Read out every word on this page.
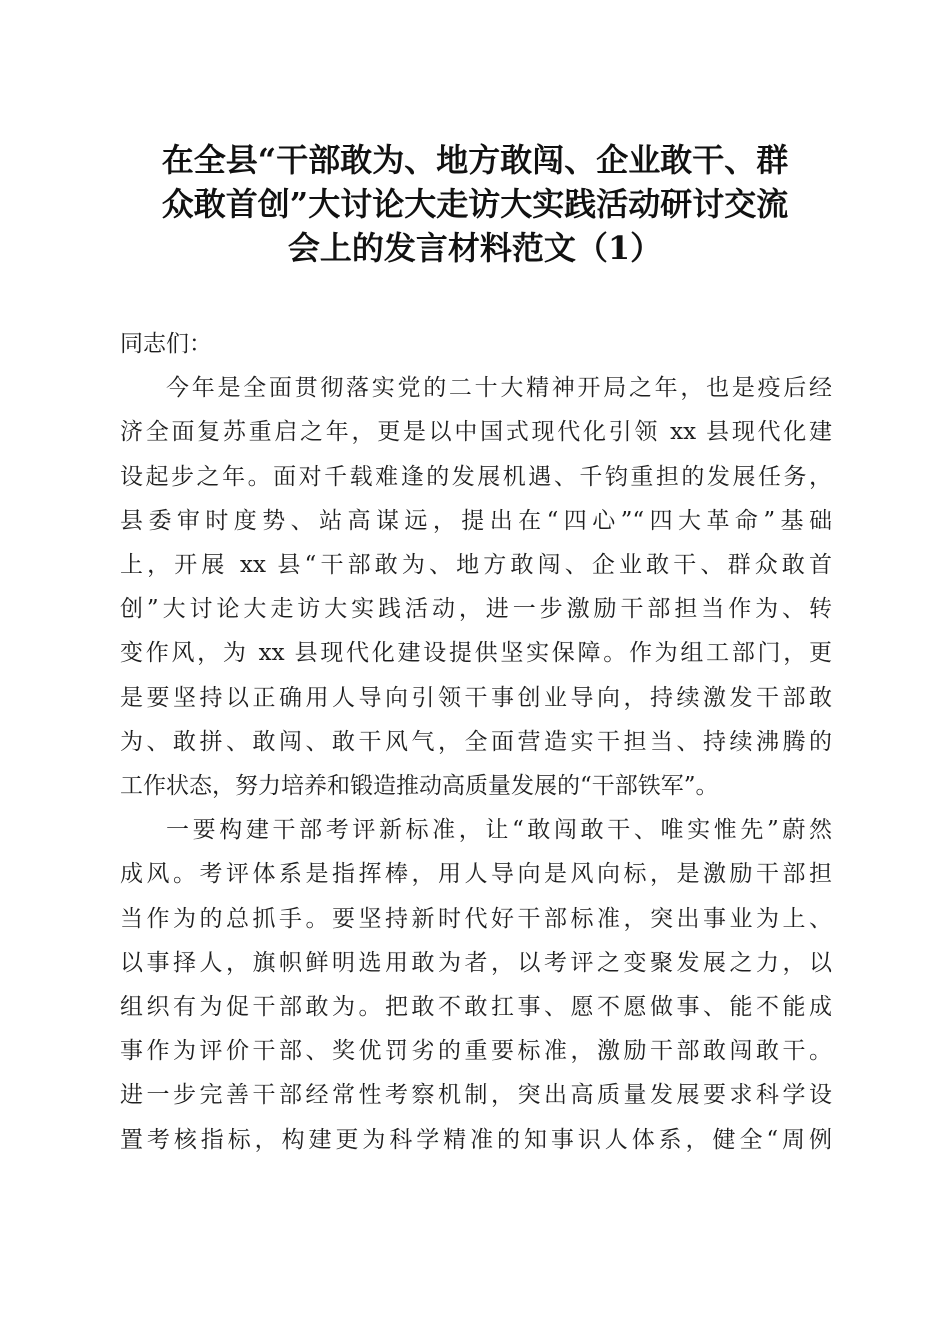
在全县“干部敢为、地方敢闯、企业敢干、群
众敢首创”大讨论大走访大实践活动研讨交流
会上的发言材料范文（1）

同志们：

今年是全面贯彻落实党的二十大精神开局之年，也是疫后经
济全面复苏重启之年，更是以中国式现代化引领 xx 县现代化建
设起步之年。面对千载难逢的发展机遇、千钧重担的发展任务，
县委审时度势、站高谋远，提出在“四心”“四大革命”基础
上，开展 xx 县“干部敢为、地方敢闯、企业敢干、群众敢首
创”大讨论大走访大实践活动，进一步激励干部担当作为、转
变作风，为 xx 县现代化建设提供坚实保障。作为组工部门，更
是要坚持以正确用人导向引领干事创业导向，持续激发干部敢
为、敢拼、敢闯、敢干风气，全面营造实干担当、持续沸腾的
工作状态，努力培养和锻造推动高质量发展的“干部铁军”。

一要构建干部考评新标准，让“敢闯敢干、唯实惟先”蔚然
成风。考评体系是指挥棒，用人导向是风向标，是激励干部担
当作为的总抓手。要坚持新时代好干部标准，突出事业为上、
以事择人，旗帜鲜明选用敢为者，以考评之变聚发展之力，以
组织有为促干部敢为。把敢不敢扛事、愿不愿做事、能不能成
事作为评价干部、奖优罚劣的重要标准，激励干部敢闯敢干。
进一步完善干部经常性考察机制，突出高质量发展要求科学设
置考核指标，构建更为科学精准的知事识人体系，健全“周例
